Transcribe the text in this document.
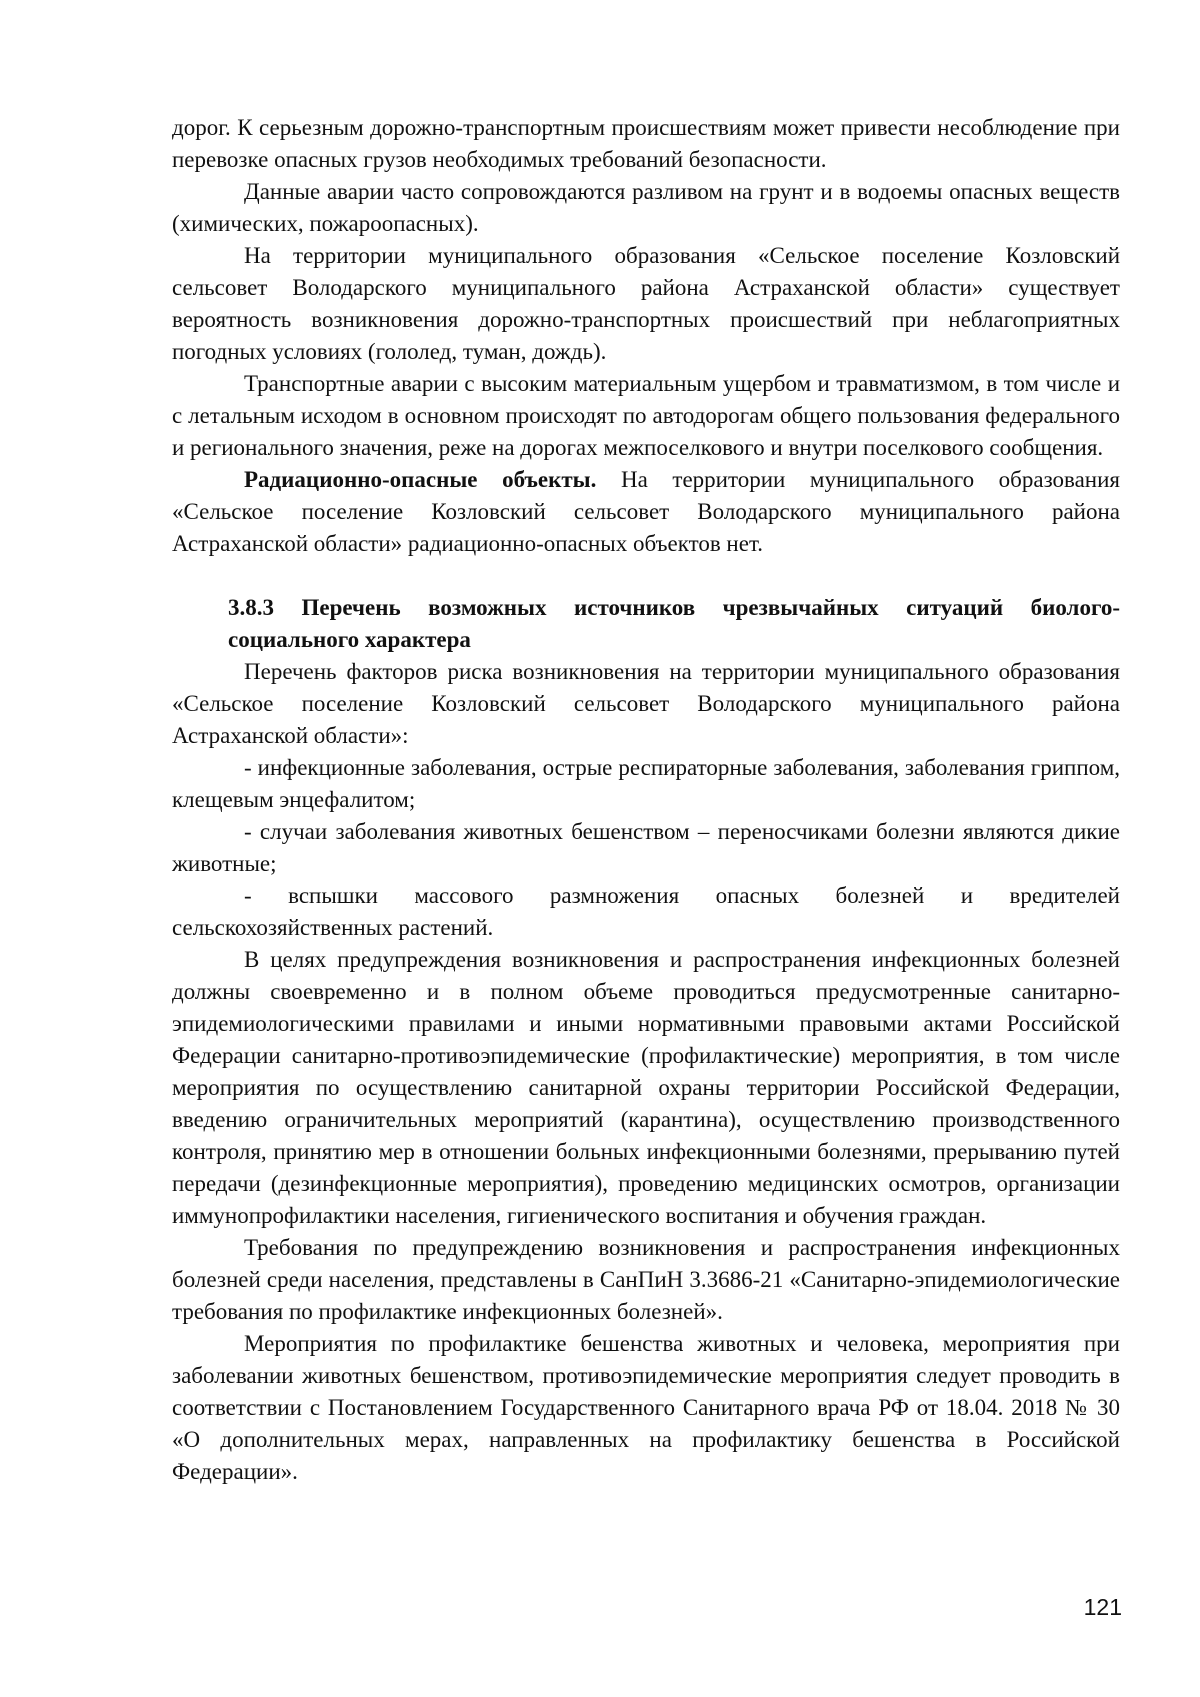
дорог. К серьезным дорожно-транспортным происшествиям может привести несоблюдение при перевозке опасных грузов необходимых требований безопасности.

Данные аварии часто сопровождаются разливом на грунт и в водоемы опасных веществ (химических, пожароопасных).

На территории муниципального образования «Сельское поселение Козловский сельсовет Володарского муниципального района Астраханской области» существует вероятность возникновения дорожно-транспортных происшествий при неблагоприятных погодных условиях (гололед, туман, дождь).

Транспортные аварии с высоким материальным ущербом и травматизмом, в том числе и с летальным исходом в основном происходят по автодорогам общего пользования федерального и регионального значения, реже на дорогах межпоселкового и внутри поселкового сообщения.

Радиационно-опасные объекты. На территории муниципального образования «Сельское поселение Козловский сельсовет Володарского муниципального района Астраханской области» радиационно-опасных объектов нет.

3.8.3 Перечень возможных источников чрезвычайных ситуаций биолого-социального характера

Перечень факторов риска возникновения на территории муниципального образования «Сельское поселение Козловский сельсовет Володарского муниципального района Астраханской области»:

- инфекционные заболевания, острые респираторные заболевания, заболевания гриппом, клещевым энцефалитом;

- случаи заболевания животных бешенством – переносчиками болезни являются дикие животные;

- вспышки массового размножения опасных болезней и вредителей сельскохозяйственных растений.

В целях предупреждения возникновения и распространения инфекционных болезней должны своевременно и в полном объеме проводиться предусмотренные санитарно-эпидемиологическими правилами и иными нормативными правовыми актами Российской Федерации санитарно-противоэпидемические (профилактические) мероприятия, в том числе мероприятия по осуществлению санитарной охраны территории Российской Федерации, введению ограничительных мероприятий (карантина), осуществлению производственного контроля, принятию мер в отношении больных инфекционными болезнями, прерыванию путей передачи (дезинфекционные мероприятия), проведению медицинских осмотров, организации иммунопрофилактики населения, гигиенического воспитания и обучения граждан.

Требования по предупреждению возникновения и распространения инфекционных болезней среди населения, представлены в СанПиН 3.3686-21 «Санитарно-эпидемиологические требования по профилактике инфекционных болезней».

Мероприятия по профилактике бешенства животных и человека, мероприятия при заболевании животных бешенством, противоэпидемические мероприятия следует проводить в соответствии с Постановлением Государственного Санитарного врача РФ от 18.04. 2018 № 30 «О дополнительных мерах, направленных на профилактику бешенства в Российской Федерации».

121
